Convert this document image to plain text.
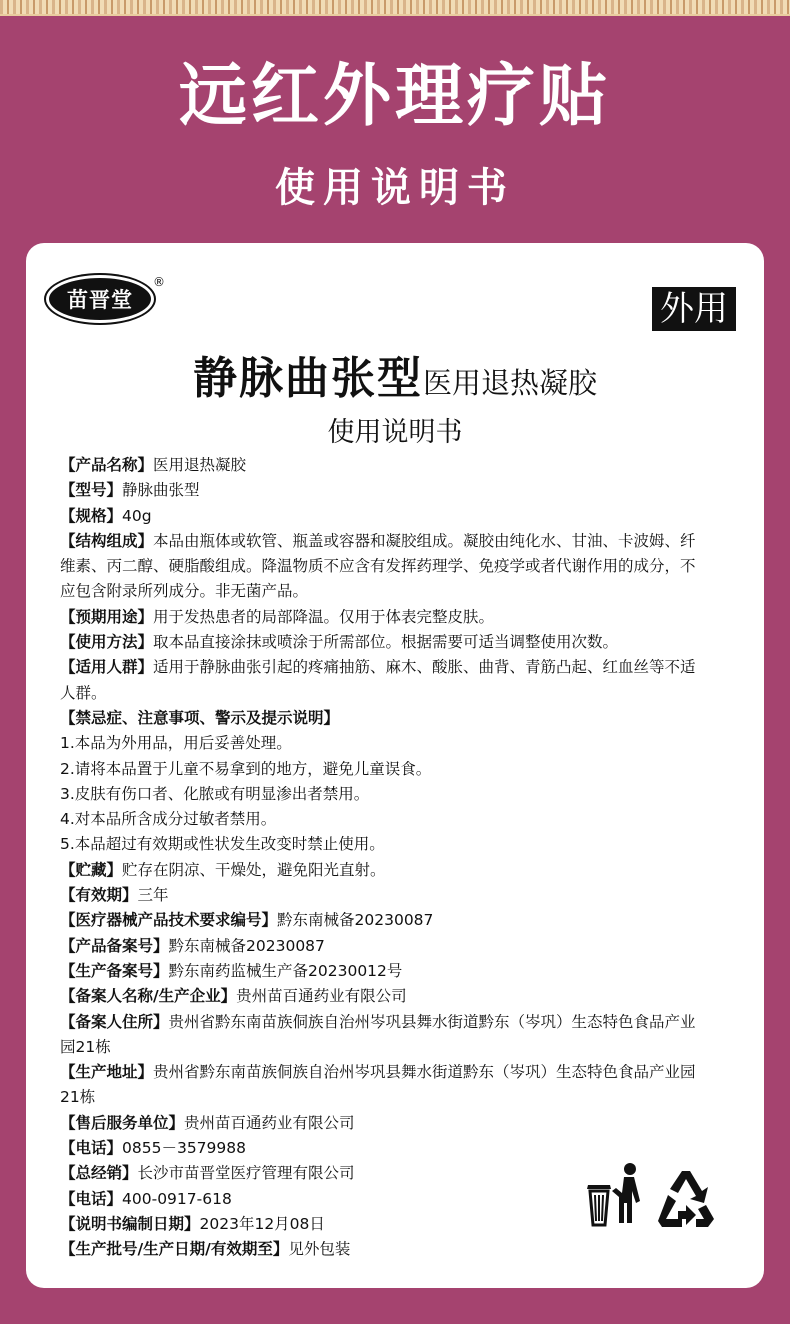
远红外理疗贴
使用说明书
苗晋堂
®
外用
静脉曲张型医用退热凝胶
使用说明书
【产品名称】医用退热凝胶
【型号】静脉曲张型
【规格】40g
【结构组成】本品由瓶体或软管、瓶盖或容器和凝胶组成。凝胶由纯化水、甘油、卡波姆、纤维素、丙二醇、硬脂酸组成。降温物质不应含有发挥药理学、免疫学或者代谢作用的成分，不应包含附录所列成分。非无菌产品。
【预期用途】用于发热患者的局部降温。仅用于体表完整皮肤。
【使用方法】取本品直接涂抹或喷涂于所需部位。根据需要可适当调整使用次数。
【适用人群】适用于静脉曲张引起的疼痛抽筋、麻木、酸胀、曲背、青筋凸起、红血丝等不适人群。
【禁忌症、注意事项、警示及提示说明】
1.本品为外用品，用后妥善处理。
2.请将本品置于儿童不易拿到的地方，避免儿童误食。
3.皮肤有伤口者、化脓或有明显渗出者禁用。
4.对本品所含成分过敏者禁用。
5.本品超过有效期或性状发生改变时禁止使用。
【贮藏】贮存在阴凉、干燥处，避免阳光直射。
【有效期】三年
【医疗器械产品技术要求编号】黔东南械备20230087
【产品备案号】黔东南械备20230087
【生产备案号】黔东南药监械生产备20230012号
【备案人名称/生产企业】贵州苗百通药业有限公司
【备案人住所】贵州省黔东南苗族侗族自治州岑巩县舞水街道黔东（岑巩）生态特色食品产业园21栋
【生产地址】贵州省黔东南苗族侗族自治州岑巩县舞水街道黔东（岑巩）生态特色食品产业园21栋
【售后服务单位】贵州苗百通药业有限公司
【电话】0855－3579988
【总经销】长沙市苗晋堂医疗管理有限公司
【电话】400-0917-618
【说明书编制日期】2023年12月08日
【生产批号/生产日期/有效期至】见外包装
